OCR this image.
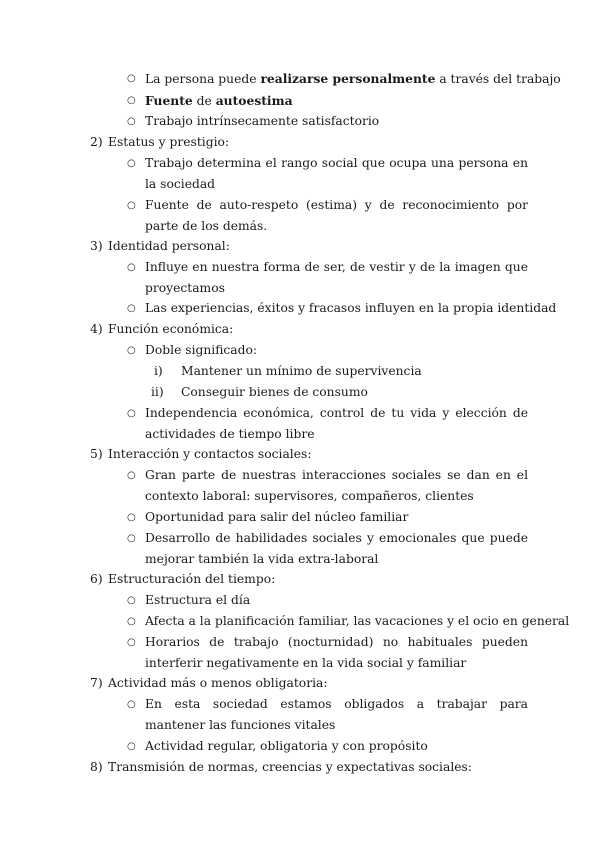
○ La persona puede realizarse personalmente a través del trabajo
○ Fuente de autoestima
○ Trabajo intrínsecamente satisfactorio
2) Estatus y prestigio:
○ Trabajo determina el rango social que ocupa una persona en la sociedad
○ Fuente de auto-respeto (estima) y de reconocimiento por parte de los demás.
3) Identidad personal:
○ Influye en nuestra forma de ser, de vestir y de la imagen que proyectamos
○ Las experiencias, éxitos y fracasos influyen en la propia identidad
4) Función económica:
○ Doble significado:
i) Mantener un mínimo de supervivencia
ii) Conseguir bienes de consumo
○ Independencia económica, control de tu vida y elección de actividades de tiempo libre
5) Interacción y contactos sociales:
○ Gran parte de nuestras interacciones sociales se dan en el contexto laboral: supervisores, compañeros, clientes
○ Oportunidad para salir del núcleo familiar
○ Desarrollo de habilidades sociales y emocionales que puede mejorar también la vida extra-laboral
6) Estructuración del tiempo:
○ Estructura el día
○ Afecta a la planificación familiar, las vacaciones y el ocio en general
○ Horarios de trabajo (nocturnidad) no habituales pueden interferir negativamente en la vida social y familiar
7) Actividad más o menos obligatoria:
○ En esta sociedad estamos obligados a trabajar para mantener las funciones vitales
○ Actividad regular, obligatoria y con propósito
8) Transmisión de normas, creencias y expectativas sociales:
